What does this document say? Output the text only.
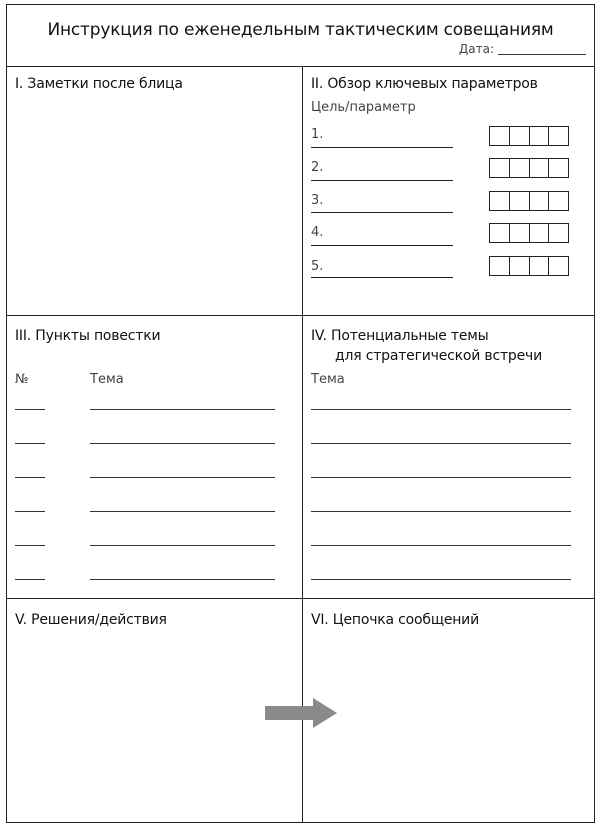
Инструкция по еженедельным тактическим совещаниям
Дата:
I. Заметки после блица	II. Обзор ключевых параметров
Цель/параметр
1.
2.
3.
4.
5.
III. Пункты повестки
№	Тема
IV. Потенциальные темы
для стратегической встречи
Тема
V. Решения/действия	VI. Цепочка сообщений
